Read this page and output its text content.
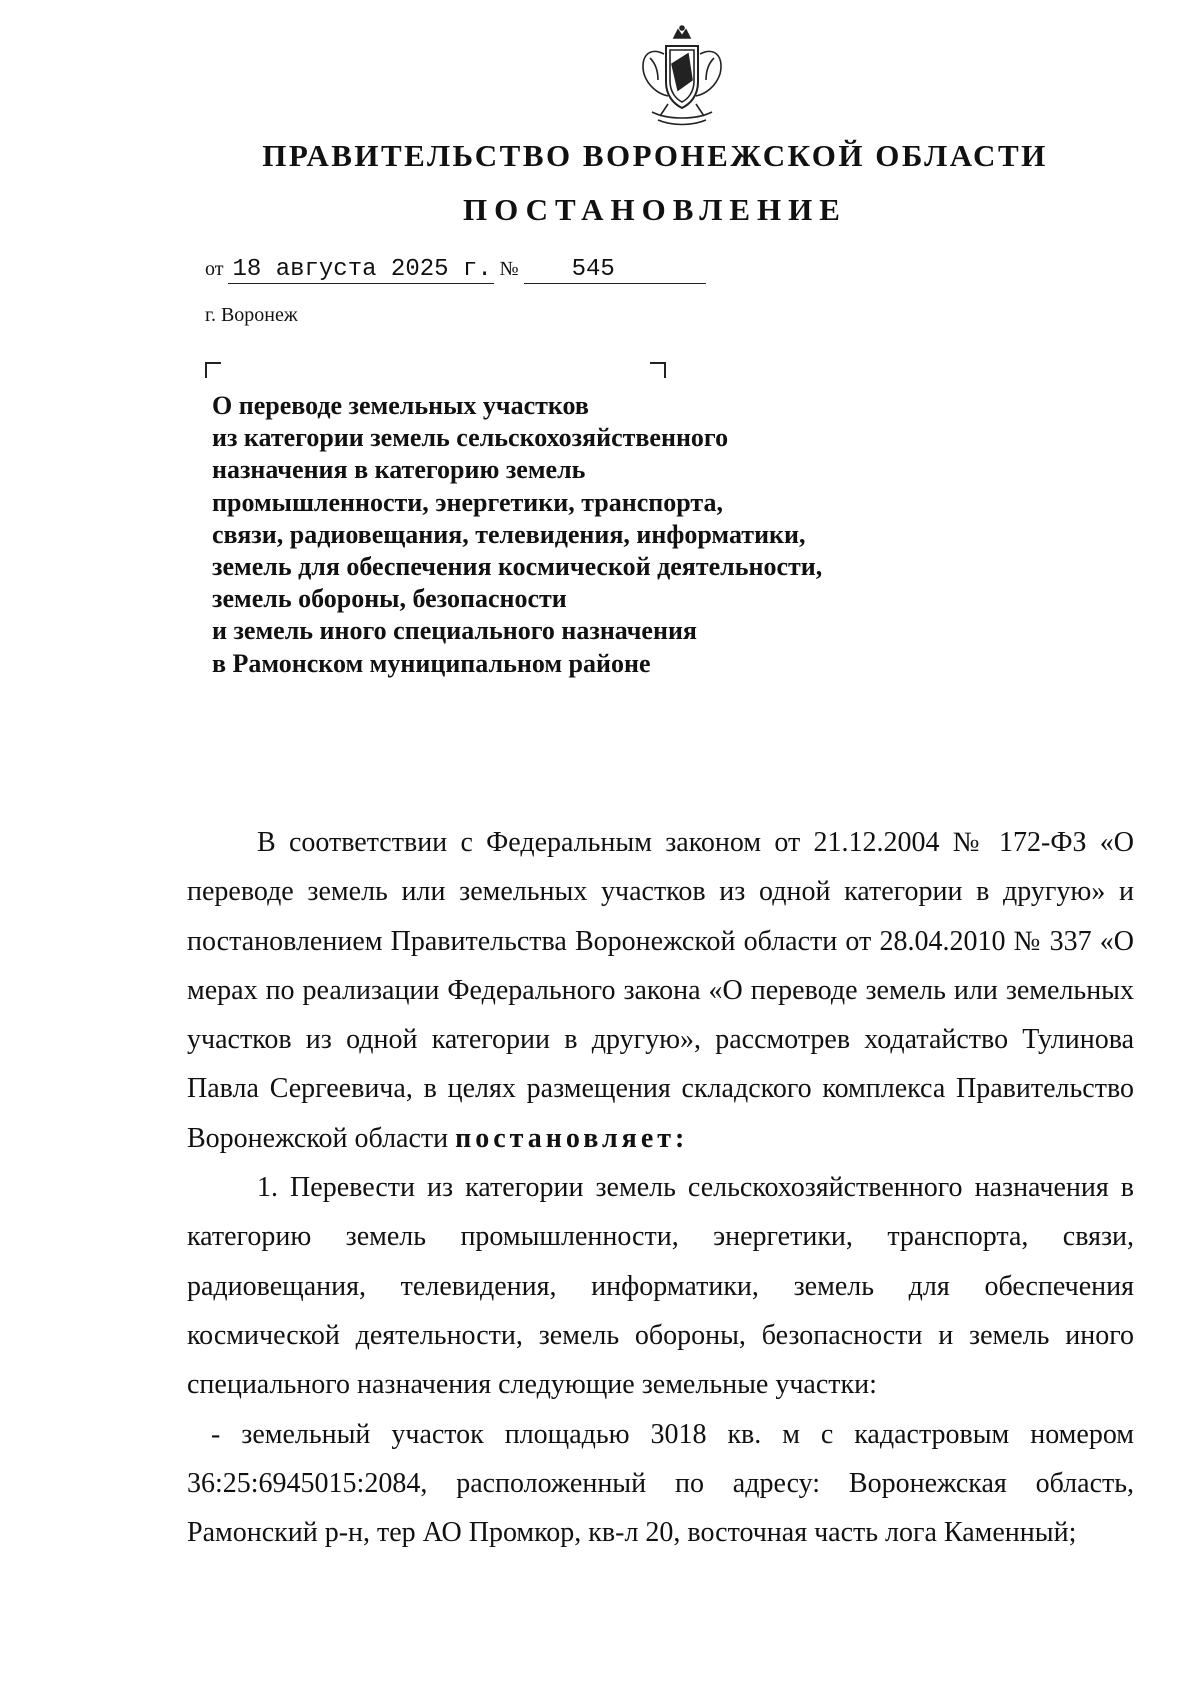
ПРАВИТЕЛЬСТВО ВОРОНЕЖСКОЙ ОБЛАСТИ
ПОСТАНОВЛЕНИЕ
от 18 августа 2025 г. № 545
г. Воронеж
О переводе земельных участков
из категории земель сельскохозяйственного
назначения в категорию земель
промышленности, энергетики, транспорта,
связи, радиовещания, телевидения, информатики,
земель для обеспечения космической деятельности,
земель обороны, безопасности
и земель иного специального назначения
в Рамонском муниципальном районе

В соответствии с Федеральным законом от 21.12.2004 № 172-ФЗ «О переводе земель или земельных участков из одной категории в другую» и постановлением Правительства Воронежской области от 28.04.2010 № 337 «О мерах по реализации Федерального закона «О переводе земель или земельных участков из одной категории в другую», рассмотрев ходатайство Тулинова Павла Сергеевича, в целях размещения складского комплекса Правительство Воронежской области постановляет:

1. Перевести из категории земель сельскохозяйственного назначения в категорию земель промышленности, энергетики, транспорта, связи, радиовещания, телевидения, информатики, земель для обеспечения космической деятельности, земель обороны, безопасности и земель иного специального назначения следующие земельные участки:

- земельный участок площадью 3018 кв. м с кадастровым номером 36:25:6945015:2084, расположенный по адресу: Воронежская область, Рамонский р-н, тер АО Промкор, кв-л 20, восточная часть лога Каменный;
